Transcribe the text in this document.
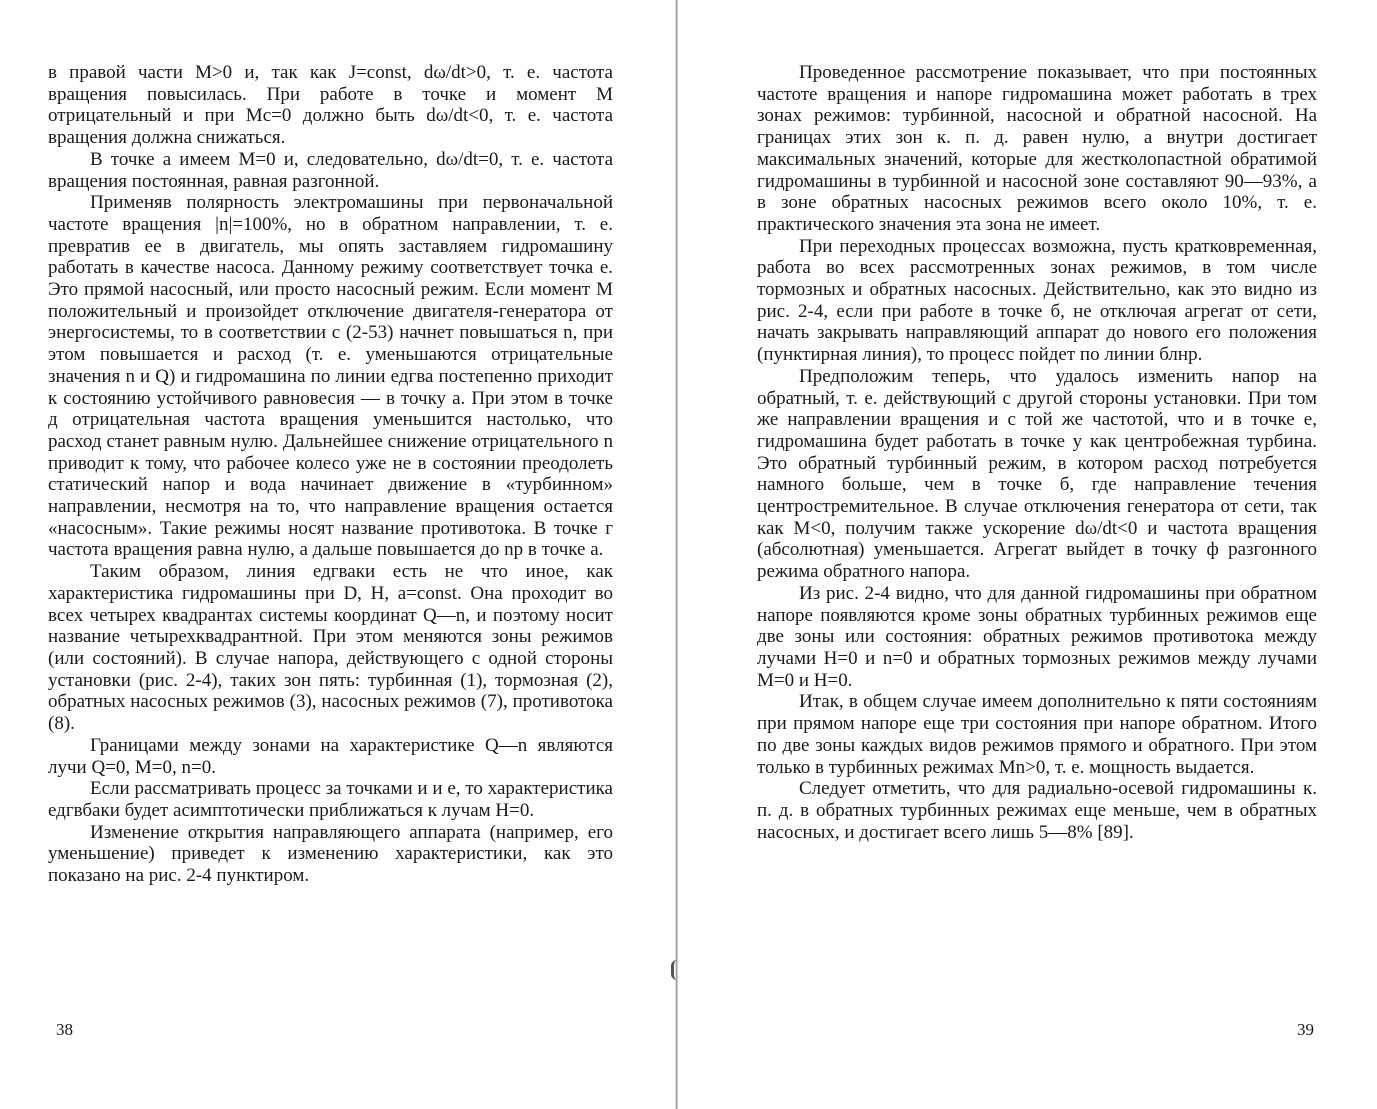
в правой части M>0 и, так как J=const, dω/dt>0, т. е. частота вращения повысилась. При работе в точке и момент M отрицательный и при Mc=0 должно быть dω/dt<0, т. е. частота вращения должна снижаться.

В точке а имеем M=0 и, следовательно, dω/dt=0, т. е. частота вращения постоянная, равная разгонной.

Применяв полярность электромашины при первоначальной частоте вращения |n|=100%, но в обратном направлении, т. е. превратив ее в двигатель, мы опять заставляем гидромашину работать в качестве насоса. Данному режиму соответствует точка е. Это прямой насосный, или просто насосный режим. Если момент M положительный и произойдет отключение двигателя-генератора от энергосистемы, то в соответствии с (2-53) начнет повышаться n, при этом повышается и расход (т. е. уменьшаются отрицательные значения n и Q) и гидромашина по линии едгва постепенно приходит к состоянию устойчивого равновесия — в точку а. При этом в точке д отрицательная частота вращения уменьшится настолько, что расход станет равным нулю. Дальнейшее снижение отрицательного n приводит к тому, что рабочее колесо уже не в состоянии преодолеть статический напор и вода начинает движение в «турбинном» направлении, несмотря на то, что направление вращения остается «насосным». Такие режимы носят название противотока. В точке г частота вращения равна нулю, а дальше повышается до nр в точке а.

Таким образом, линия едгваки есть не что иное, как характеристика гидромашины при D, H, a=const. Она проходит во всех четырех квадрантах системы координат Q—n, и поэтому носит название четырехквадрантной. При этом меняются зоны режимов (или состояний). В случае напора, действующего с одной стороны установки (рис. 2-4), таких зон пять: турбинная (1), тормозная (2), обратных насосных режимов (3), насосных режимов (7), противотока (8).

Границами между зонами на характеристике Q—n являются лучи Q=0, M=0, n=0.

Если рассматривать процесс за точками и и е, то характеристика едгвбаки будет асимптотически приближаться к лучам H=0.

Изменение открытия направляющего аппарата (например, его уменьшение) приведет к изменению характеристики, как это показано на рис. 2-4 пунктиром.

38

Проведенное рассмотрение показывает, что при постоянных частоте вращения и напоре гидромашина может работать в трех зонах режимов: турбинной, насосной и обратной насосной. На границах этих зон к. п. д. равен нулю, а внутри достигает максимальных значений, которые для жестколопастной обратимой гидромашины в турбинной и насосной зоне составляют 90—93%, а в зоне обратных насосных режимов всего около 10%, т. е. практического значения эта зона не имеет.

При переходных процессах возможна, пусть кратковременная, работа во всех рассмотренных зонах режимов, в том числе тормозных и обратных насосных. Действительно, как это видно из рис. 2-4, если при работе в точке б, не отключая агрегат от сети, начать закрывать направляющий аппарат до нового его положения (пунктирная линия), то процесс пойдет по линии блнр.

Предположим теперь, что удалось изменить напор на обратный, т. е. действующий с другой стороны установки. При том же направлении вращения и с той же частотой, что и в точке е, гидромашина будет работать в точке у как центробежная турбина. Это обратный турбинный режим, в котором расход потребуется намного больше, чем в точке б, где направление течения центростремительное. В случае отключения генератора от сети, так как M<0, получим также ускорение dω/dt<0 и частота вращения (абсолютная) уменьшается. Агрегат выйдет в точку ф разгонного режима обратного напора.

Из рис. 2-4 видно, что для данной гидромашины при обратном напоре появляются кроме зоны обратных турбинных режимов еще две зоны или состояния: обратных режимов противотока между лучами H=0 и n=0 и обратных тормозных режимов между лучами M=0 и H=0.

Итак, в общем случае имеем дополнительно к пяти состояниям при прямом напоре еще три состояния при напоре обратном. Итого по две зоны каждых видов режимов прямого и обратного. При этом только в турбинных режимах Mn>0, т. е. мощность выдается.

Следует отметить, что для радиально-осевой гидромашины к. п. д. в обратных турбинных режимах еще меньше, чем в обратных насосных, и достигает всего лишь 5—8% [89].

39
